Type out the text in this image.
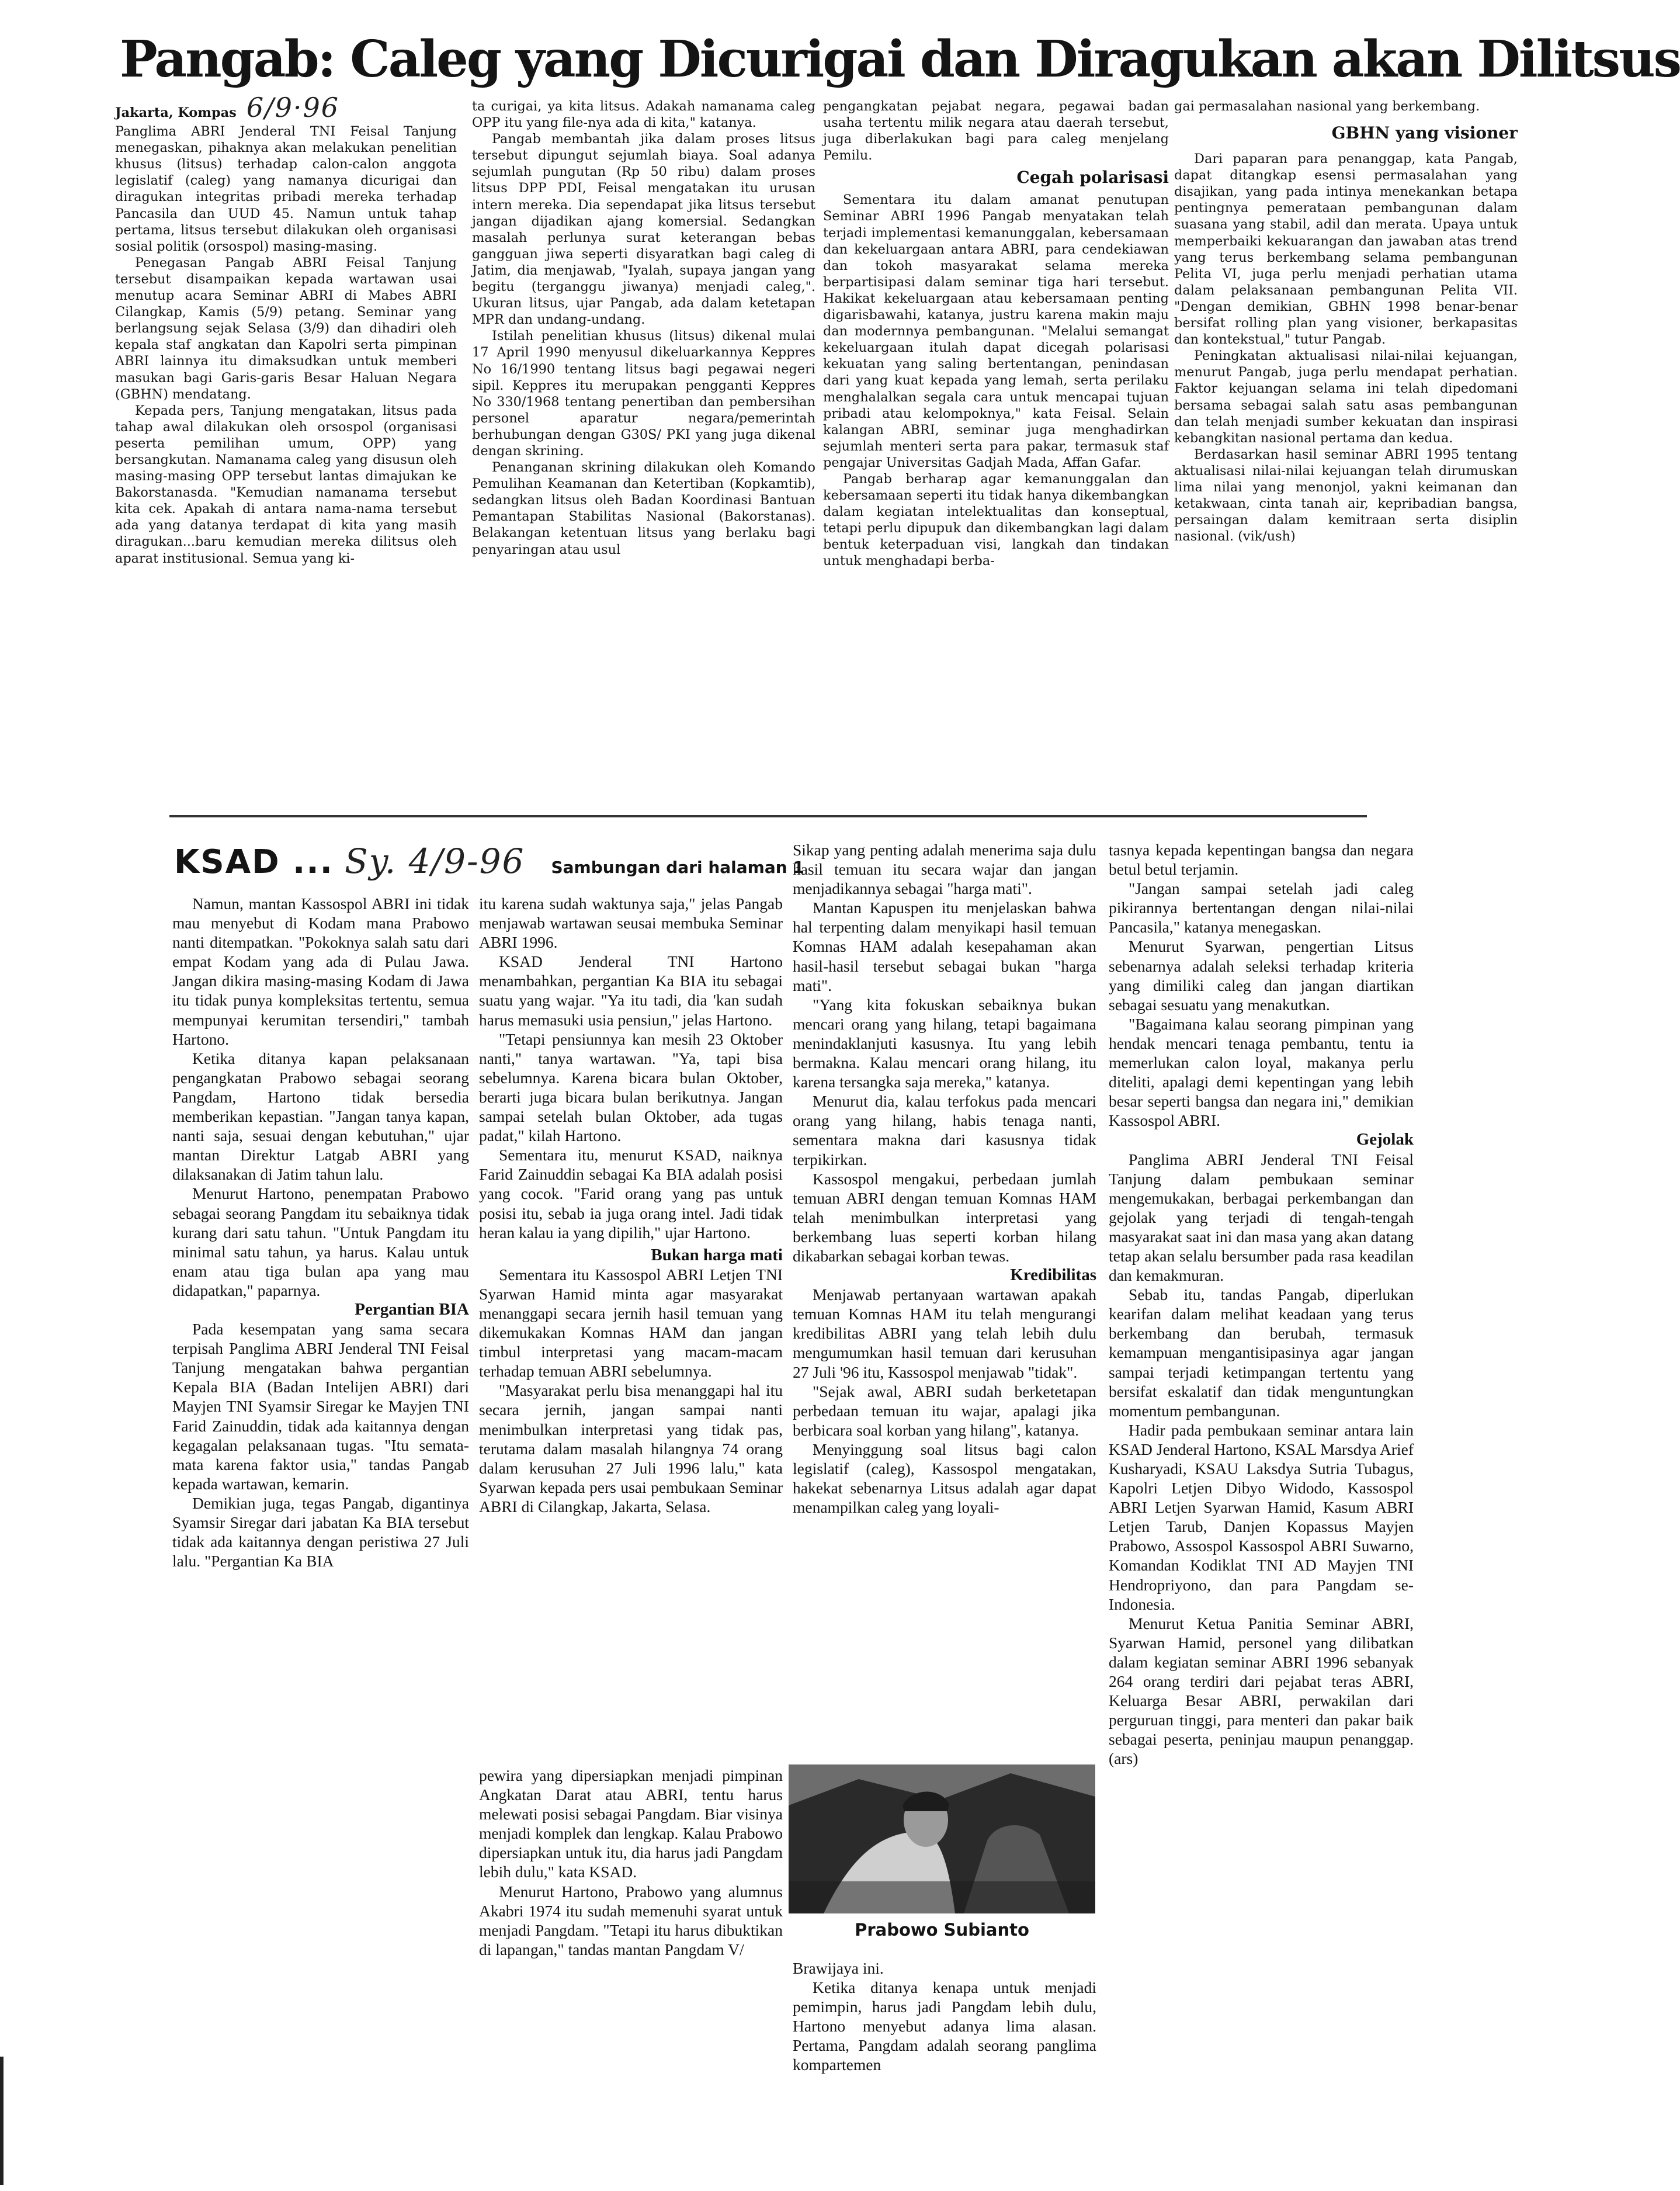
Pangab: Caleg yang Dicurigai dan Diragukan akan Dilitsus
Jakarta, Kompas 6/9·96

Panglima ABRI Jenderal TNI Feisal Tanjung menegaskan, pihaknya akan melakukan penelitian khusus (litsus) terhadap calon-calon anggota legislatif (caleg) yang namanya dicurigai dan diragukan integritas pribadi mereka terhadap Pancasila dan UUD 45. Namun untuk tahap pertama, litsus tersebut dilakukan oleh organisasi sosial politik (orsospol) masing-masing.

Penegasan Pangab ABRI Feisal Tanjung tersebut disampaikan kepada wartawan usai menutup acara Seminar ABRI di Mabes ABRI Cilangkap, Kamis (5/9) petang. Seminar yang berlangsung sejak Selasa (3/9) dan dihadiri oleh kepala staf angkatan dan Kapolri serta pimpinan ABRI lainnya itu dimaksudkan untuk memberi masukan bagi Garis-garis Besar Haluan Negara (GBHN) mendatang.

Kepada pers, Tanjung mengatakan, litsus pada tahap awal dilakukan oleh orsospol (organisasi peserta pemilihan umum, OPP) yang bersangkutan. Namanama caleg yang disusun oleh masing-masing OPP tersebut lantas dimajukan ke Bakorstanasda. "Kemudian namanama tersebut kita cek. Apakah di antara nama-nama tersebut ada yang datanya terdapat di kita yang masih diragukan...baru kemudian mereka dilitsus oleh aparat institusional. Semua yang ki-

ta curigai, ya kita litsus. Adakah namanama caleg OPP itu yang file-nya ada di kita," katanya.

Pangab membantah jika dalam proses litsus tersebut dipungut sejumlah biaya. Soal adanya sejumlah pungutan (Rp 50 ribu) dalam proses litsus DPP PDI, Feisal mengatakan itu urusan intern mereka. Dia sependapat jika litsus tersebut jangan dijadikan ajang komersial. Sedangkan masalah perlunya surat keterangan bebas gangguan jiwa seperti disyaratkan bagi caleg di Jatim, dia menjawab, "Iyalah, supaya jangan yang begitu (terganggu jiwanya) menjadi caleg,". Ukuran litsus, ujar Pangab, ada dalam ketetapan MPR dan undang-undang.

Istilah penelitian khusus (litsus) dikenal mulai 17 April 1990 menyusul dikeluarkannya Keppres No 16/1990 tentang litsus bagi pegawai negeri sipil. Keppres itu merupakan pengganti Keppres No 330/1968 tentang penertiban dan pembersihan personel aparatur negara/pemerintah berhubungan dengan G30S/ PKI yang juga dikenal dengan skrining.

Penanganan skrining dilakukan oleh Komando Pemulihan Keamanan dan Ketertiban (Kopkamtib), sedangkan litsus oleh Badan Koordinasi Bantuan Pemantapan Stabilitas Nasional (Bakorstanas). Belakangan ketentuan litsus yang berlaku bagi penyaringan atau usul

pengangkatan pejabat negara, pegawai badan usaha tertentu milik negara atau daerah tersebut, juga diberlakukan bagi para caleg menjelang Pemilu.

Cegah polarisasi

Sementara itu dalam amanat penutupan Seminar ABRI 1996 Pangab menyatakan telah terjadi implementasi kemanunggalan, kebersamaan dan kekeluargaan antara ABRI, para cendekiawan dan tokoh masyarakat selama mereka berpartisipasi dalam seminar tiga hari tersebut. Hakikat kekeluargaan atau kebersamaan penting digarisbawahi, katanya, justru karena makin maju dan modernnya pembangunan. "Melalui semangat kekeluargaan itulah dapat dicegah polarisasi kekuatan yang saling bertentangan, penindasan dari yang kuat kepada yang lemah, serta perilaku menghalalkan segala cara untuk mencapai tujuan pribadi atau kelompoknya," kata Feisal. Selain kalangan ABRI, seminar juga menghadirkan sejumlah menteri serta para pakar, termasuk staf pengajar Universitas Gadjah Mada, Affan Gafar.

Pangab berharap agar kemanunggalan dan kebersamaan seperti itu tidak hanya dikembangkan dalam kegiatan intelektualitas dan konseptual, tetapi perlu dipupuk dan dikembangkan lagi dalam bentuk keterpaduan visi, langkah dan tindakan untuk menghadapi berba-

gai permasalahan nasional yang berkembang.

GBHN yang visioner

Dari paparan para penanggap, kata Pangab, dapat ditangkap esensi permasalahan yang disajikan, yang pada intinya menekankan betapa pentingnya pemerataan pembangunan dalam suasana yang stabil, adil dan merata. Upaya untuk memperbaiki kekuarangan dan jawaban atas trend yang terus berkembang selama pembangunan Pelita VI, juga perlu menjadi perhatian utama dalam pelaksanaan pembangunan Pelita VII. "Dengan demikian, GBHN 1998 benar-benar bersifat rolling plan yang visioner, berkapasitas dan kontekstual," tutur Pangab.

Peningkatan aktualisasi nilai-nilai kejuangan, menurut Pangab, juga perlu mendapat perhatian. Faktor kejuangan selama ini telah dipedomani bersama sebagai salah satu asas pembangunan dan telah menjadi sumber kekuatan dan inspirasi kebangkitan nasional pertama dan kedua.

Berdasarkan hasil seminar ABRI 1995 tentang aktualisasi nilai-nilai kejuangan telah dirumuskan lima nilai yang menonjol, yakni keimanan dan ketakwaan, cinta tanah air, kepribadian bangsa, persaingan dalam kemitraan serta disiplin nasional. (vik/ush)

KSAD ... Sy. 4/9-96 Sambungan dari halaman 1

Namun, mantan Kassospol ABRI ini tidak mau menyebut di Kodam mana Prabowo nanti ditempatkan. "Pokoknya salah satu dari empat Kodam yang ada di Pulau Jawa. Jangan dikira masing-masing Kodam di Jawa itu tidak punya kompleksitas tertentu, semua mempunyai kerumitan tersendiri," tambah Hartono.

Ketika ditanya kapan pelaksanaan pengangkatan Prabowo sebagai seorang Pangdam, Hartono tidak bersedia memberikan kepastian. "Jangan tanya kapan, nanti saja, sesuai dengan kebutuhan," ujar mantan Direktur Latgab ABRI yang dilaksanakan di Jatim tahun lalu.

Menurut Hartono, penempatan Prabowo sebagai seorang Pangdam itu sebaiknya tidak kurang dari satu tahun. "Untuk Pangdam itu minimal satu tahun, ya harus. Kalau untuk enam atau tiga bulan apa yang mau didapatkan," paparnya.

Pergantian BIA

Pada kesempatan yang sama secara terpisah Panglima ABRI Jenderal TNI Feisal Tanjung mengatakan bahwa pergantian Kepala BIA (Badan Intelijen ABRI) dari Mayjen TNI Syamsir Siregar ke Mayjen TNI Farid Zainuddin, tidak ada kaitannya dengan kegagalan pelaksanaan tugas. "Itu semata-mata karena faktor usia," tandas Pangab kepada wartawan, kemarin.

Demikian juga, tegas Pangab, digantinya Syamsir Siregar dari jabatan Ka BIA tersebut tidak ada kaitannya dengan peristiwa 27 Juli lalu. "Pergantian Ka BIA

itu karena sudah waktunya saja," jelas Pangab menjawab wartawan seusai membuka Seminar ABRI 1996.

KSAD Jenderal TNI Hartono menambahkan, pergantian Ka BIA itu sebagai suatu yang wajar. "Ya itu tadi, dia 'kan sudah harus memasuki usia pensiun," jelas Hartono.

"Tetapi pensiunnya kan mesih 23 Oktober nanti," tanya wartawan. "Ya, tapi bisa sebelumnya. Karena bicara bulan Oktober, berarti juga bicara bulan berikutnya. Jangan sampai setelah bulan Oktober, ada tugas padat," kilah Hartono.

Sementara itu, menurut KSAD, naiknya Farid Zainuddin sebagai Ka BIA adalah posisi yang cocok. "Farid orang yang pas untuk posisi itu, sebab ia juga orang intel. Jadi tidak heran kalau ia yang dipilih," ujar Hartono.

Bukan harga mati

Sementara itu Kassospol ABRI Letjen TNI Syarwan Hamid minta agar masyarakat menanggapi secara jernih hasil temuan yang dikemukakan Komnas HAM dan jangan timbul interpretasi yang macam-macam terhadap temuan ABRI sebelumnya.

"Masyarakat perlu bisa menanggapi hal itu secara jernih, jangan sampai nanti menimbulkan interpretasi yang tidak pas, terutama dalam masalah hilangnya 74 orang dalam kerusuhan 27 Juli 1996 lalu," kata Syarwan kepada pers usai pembukaan Seminar ABRI di Cilangkap, Jakarta, Selasa.

pewira yang dipersiapkan menjadi pimpinan Angkatan Darat atau ABRI, tentu harus melewati posisi sebagai Pangdam. Biar visinya menjadi komplek dan lengkap. Kalau Prabowo dipersiapkan untuk itu, dia harus jadi Pangdam lebih dulu," kata KSAD.

Menurut Hartono, Prabowo yang alumnus Akabri 1974 itu sudah memenuhi syarat untuk menjadi Pangdam. "Tetapi itu harus dibuktikan di lapangan," tandas mantan Pangdam V/

Sikap yang penting adalah menerima saja dulu hasil temuan itu secara wajar dan jangan menjadikannya sebagai "harga mati".

Mantan Kapuspen itu menjelaskan bahwa hal terpenting dalam menyikapi hasil temuan Komnas HAM adalah kesepahaman akan hasil-hasil tersebut sebagai bukan "harga mati".

"Yang kita fokuskan sebaiknya bukan mencari orang yang hilang, tetapi bagaimana menindaklanjuti kasusnya. Itu yang lebih bermakna. Kalau mencari orang hilang, itu karena tersangka saja mereka," katanya.

Menurut dia, kalau terfokus pada mencari orang yang hilang, habis tenaga nanti, sementara makna dari kasusnya tidak terpikirkan.

Kassospol mengakui, perbedaan jumlah temuan ABRI dengan temuan Komnas HAM telah menimbulkan interpretasi yang berkembang luas seperti korban hilang dikabarkan sebagai korban tewas.

Kredibilitas

Menjawab pertanyaan wartawan apakah temuan Komnas HAM itu telah mengurangi kredibilitas ABRI yang telah lebih dulu mengumumkan hasil temuan dari kerusuhan 27 Juli '96 itu, Kassospol menjawab "tidak".

"Sejak awal, ABRI sudah berketetapan perbedaan temuan itu wajar, apalagi jika berbicara soal korban yang hilang", katanya.

Menyinggung soal litsus bagi calon legislatif (caleg), Kassospol mengatakan, hakekat sebenarnya Litsus adalah agar dapat menampilkan caleg yang loyali-

Prabowo Subianto

Brawijaya ini.

Ketika ditanya kenapa untuk menjadi pemimpin, harus jadi Pangdam lebih dulu, Hartono menyebut adanya lima alasan. Pertama, Pangdam adalah seorang panglima kompartemen

tasnya kepada kepentingan bangsa dan negara betul betul terjamin.

"Jangan sampai setelah jadi caleg pikirannya bertentangan dengan nilai-nilai Pancasila," katanya menegaskan.

Menurut Syarwan, pengertian Litsus sebenarnya adalah seleksi terhadap kriteria yang dimiliki caleg dan jangan diartikan sebagai sesuatu yang menakutkan.

"Bagaimana kalau seorang pimpinan yang hendak mencari tenaga pembantu, tentu ia memerlukan calon loyal, makanya perlu diteliti, apalagi demi kepentingan yang lebih besar seperti bangsa dan negara ini," demikian Kassospol ABRI.

Gejolak

Panglima ABRI Jenderal TNI Feisal Tanjung dalam pembukaan seminar mengemukakan, berbagai perkembangan dan gejolak yang terjadi di tengah-tengah masyarakat saat ini dan masa yang akan datang tetap akan selalu bersumber pada rasa keadilan dan kemakmuran.

Sebab itu, tandas Pangab, diperlukan kearifan dalam melihat keadaan yang terus berkembang dan berubah, termasuk kemampuan mengantisipasinya agar jangan sampai terjadi ketimpangan tertentu yang bersifat eskalatif dan tidak menguntungkan momentum pembangunan.

Hadir pada pembukaan seminar antara lain KSAD Jenderal Hartono, KSAL Marsdya Arief Kusharyadi, KSAU Laksdya Sutria Tubagus, Kapolri Letjen Dibyo Widodo, Kassospol ABRI Letjen Syarwan Hamid, Kasum ABRI Letjen Tarub, Danjen Kopassus Mayjen Prabowo, Assospol Kassospol ABRI Suwarno, Komandan Kodiklat TNI AD Mayjen TNI Hendropriyono, dan para Pangdam se-Indonesia.

Menurut Ketua Panitia Seminar ABRI, Syarwan Hamid, personel yang dilibatkan dalam kegiatan seminar ABRI 1996 sebanyak 264 orang terdiri dari pejabat teras ABRI, Keluarga Besar ABRI, perwakilan dari perguruan tinggi, para menteri dan pakar baik sebagai peserta, peninjau maupun penanggap. (ars)
